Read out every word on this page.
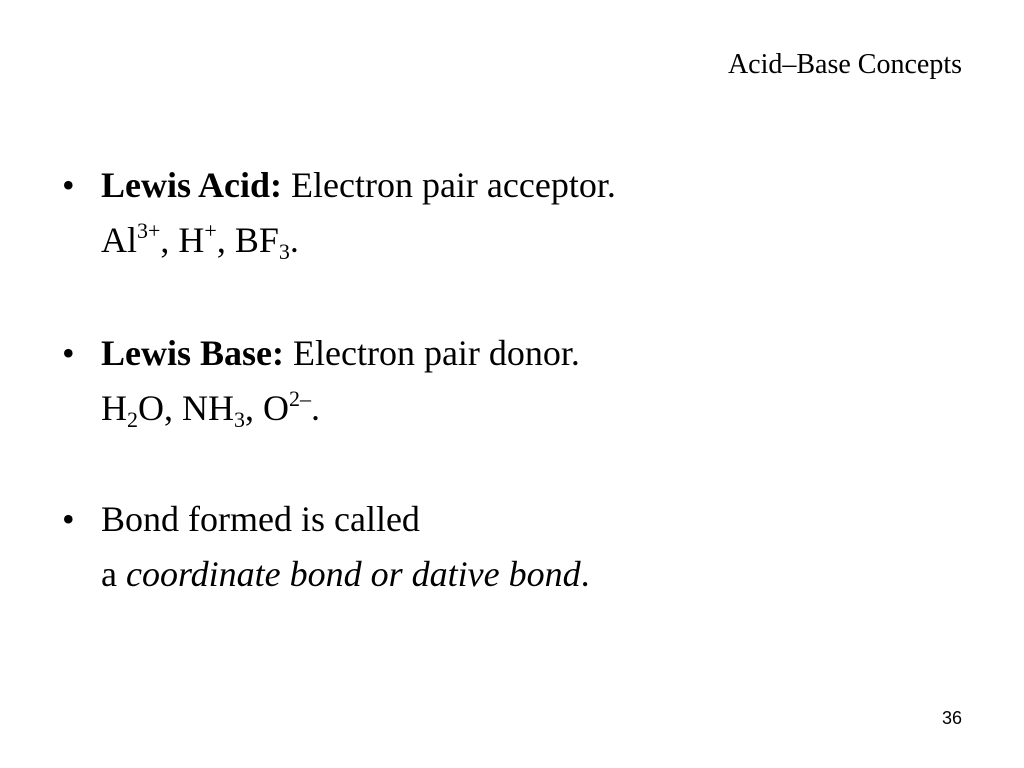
Acid–Base Concepts
• Lewis Acid: Electron pair acceptor.
$Al^{3+}$, H+, $BF_3$.
• Lewis Base: Electron pair donor.
$H_2O$, $NH_3$, $O^{2-}$.
• Bond formed is called
a coordinate bond or dative bond.
36
